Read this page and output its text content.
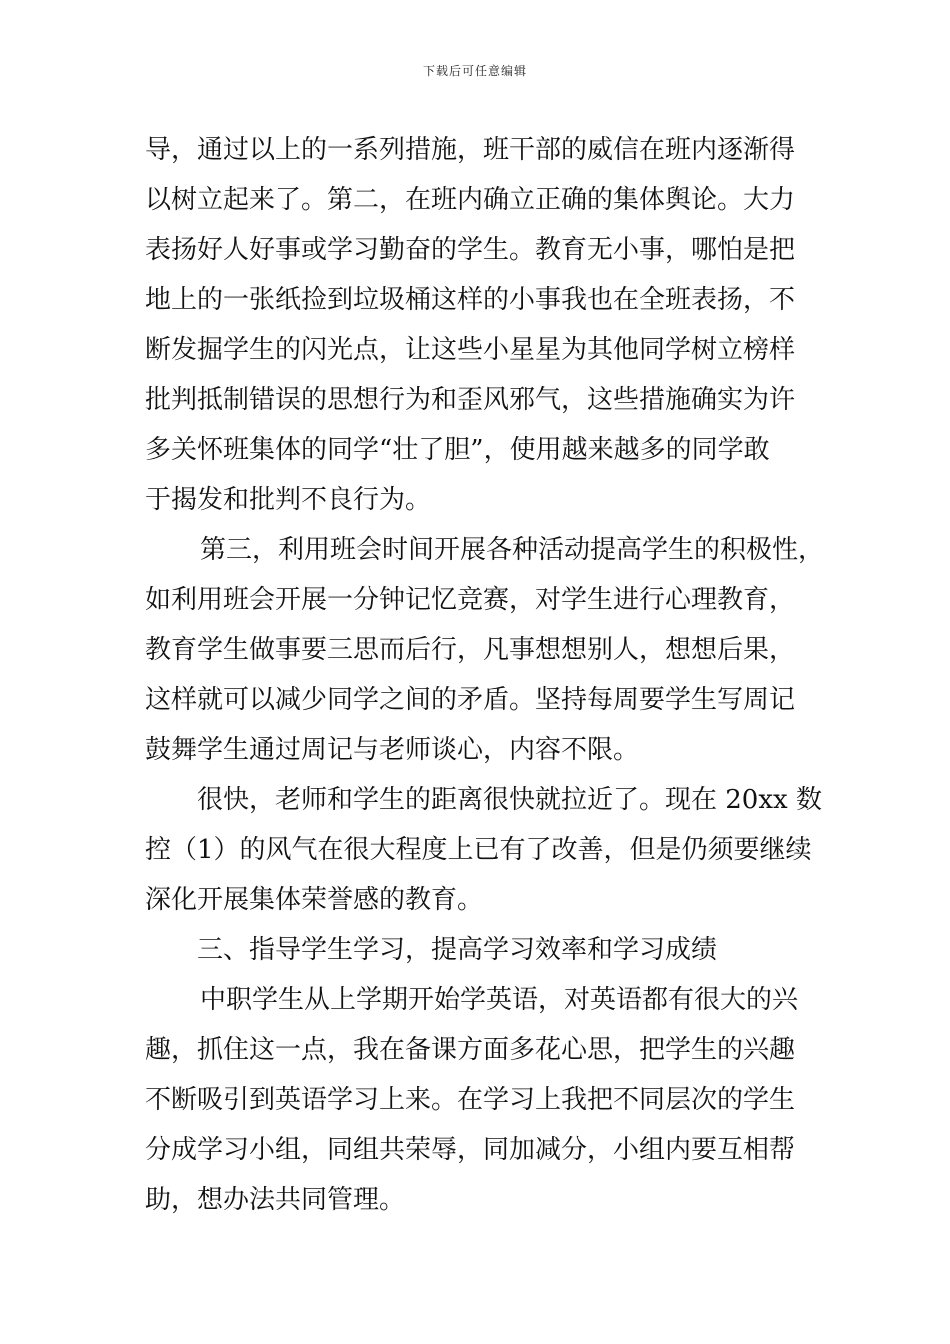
下载后可任意编辑
导，通过以上的一系列措施，班干部的威信在班内逐渐得
以树立起来了。第二，在班内确立正确的集体舆论。大力
表扬好人好事或学习勤奋的学生。教育无小事，哪怕是把
地上的一张纸捡到垃圾桶这样的小事我也在全班表扬，不
断发掘学生的闪光点，让这些小星星为其他同学树立榜样
批判抵制错误的思想行为和歪风邪气，这些措施确实为许
多关怀班集体的同学“壮了胆”，使用越来越多的同学敢
于揭发和批判不良行为。
第三，利用班会时间开展各种活动提高学生的积极性，
如利用班会开展一分钟记忆竞赛，对学生进行心理教育，
教育学生做事要三思而后行，凡事想想别人，想想后果，
这样就可以减少同学之间的矛盾。坚持每周要学生写周记
鼓舞学生通过周记与老师谈心，内容不限。
很快，老师和学生的距离很快就拉近了。现在 20xx 数
控（1）的风气在很大程度上已有了改善，但是仍须要继续
深化开展集体荣誉感的教育。
三、指导学生学习，提高学习效率和学习成绩
中职学生从上学期开始学英语，对英语都有很大的兴
趣，抓住这一点，我在备课方面多花心思，把学生的兴趣
不断吸引到英语学习上来。在学习上我把不同层次的学生
分成学习小组，同组共荣辱，同加减分，小组内要互相帮
助，想办法共同管理。
